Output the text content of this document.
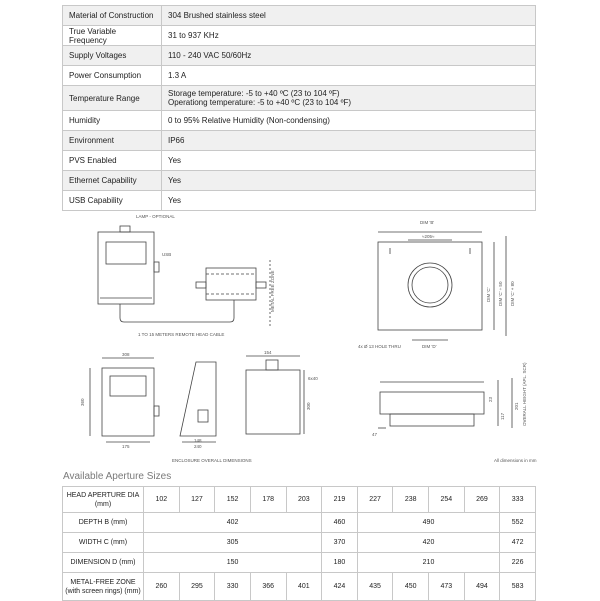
Material of Construction	304 Brushed stainless steel
True Variable Frequency	31 to 937 KHz
Supply Voltages	110 - 240 VAC 50/60Hz
Power Consumption	1.3 A
Temperature Range	Storage temperature: -5 to +40 ºC (23 to 104 ºF)
Operationg temperature: -5 to +40 ºC (23 to 104 ºF)

Humidity	0 to 95% Relative Humidity (Non-condensing)
Environment	IP66
PVS Enabled	Yes
Ethernet Capability	Yes
USB Capability	Yes
LAMP - OPTIONAL
USB
1 TO 15 METERS REMOTE HEAD CABLE
METAL FREE ZONE
DIM 'B'
≈205≈
DIM 'C' DIM 'C' ÷ 50 DIM 'C' + 80
DIM 'D'
4x Ø 13 HOLE THRU
308
360
175
148
240
154
300
6x40
23
117
201 OVERALL HEIGHT (APL. SCR)
47
ENCLOSURE OVERALL DIMENSIONS	All dimensions in mm
Available Aperture Sizes
HEAD APERTURE DIA (mm)	102	127	152	178	203	219	227	238	254	269	333
DEPTH B (mm)	402					460	490				552
WIDTH C (mm)	305					370	420				472
DIMENSION D (mm)	150					180	210				226
METAL-FREE ZONE (with screen rings) (mm)	260	295	330	366	401	424	435	450	473	494	583
